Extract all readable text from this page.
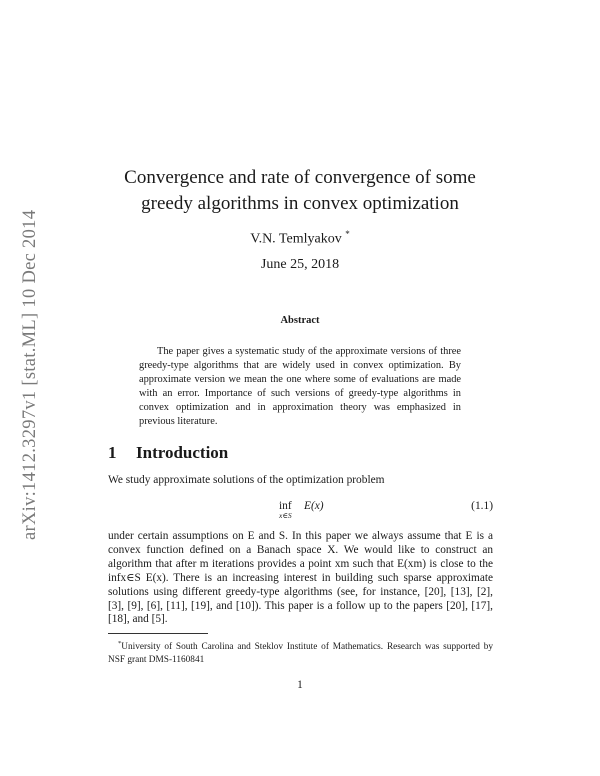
arXiv:1412.3297v1 [stat.ML] 10 Dec 2014
Convergence and rate of convergence of some
greedy algorithms in convex optimization
V.N. Temlyakov *
June 25, 2018
Abstract

The paper gives a systematic study of the approximate versions of three greedy-type algorithms that are widely used in convex optimization. By approximate version we mean the one where some of evaluations are made with an error. Importance of such versions of greedy-type algorithms in convex optimization and in approximation theory was emphasized in previous literature.

1 Introduction

We study approximate solutions of the optimization problem

inf
x∈S
E(x)	(1.1)

under certain assumptions on E and S. In this paper we always assume that E is a convex function defined on a Banach space X. We would like to construct an algorithm that after m iterations provides a point xm such that E(xm) is close to the infx∈S E(x). There is an increasing interest in building such sparse approximate solutions using different greedy-type algorithms (see, for instance, [20], [13], [2], [3], [9], [6], [11], [19], and [10]). This paper is a follow up to the papers [20], [17], [18], and [5].

*University of South Carolina and Steklov Institute of Mathematics. Research was supported by NSF grant DMS-1160841

1
